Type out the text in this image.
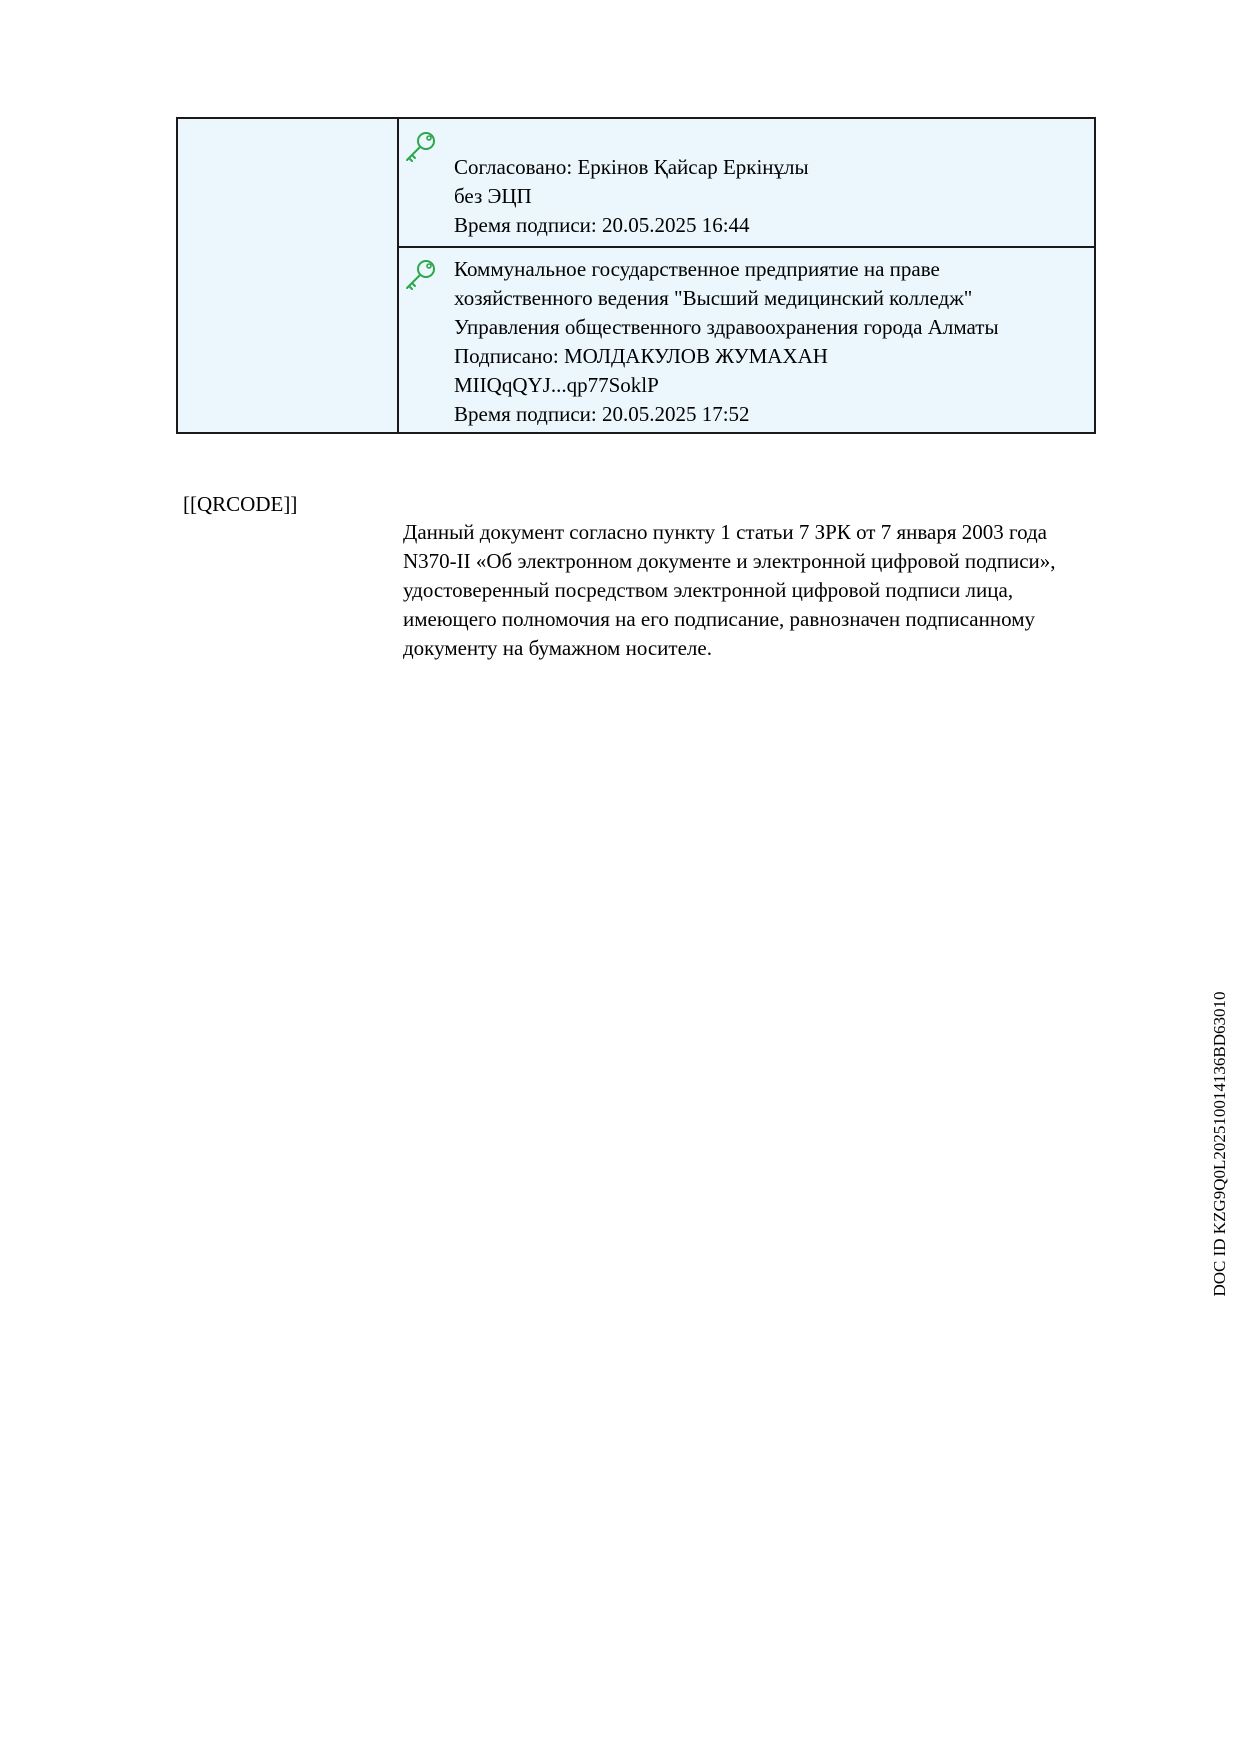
Согласовано: Еркінов Қайсар Еркінұлы
без ЭЦП
Время подписи: 20.05.2025 16:44

Коммунальное государственное предприятие на праве
хозяйственного ведения "Высший медицинский колледж"
Управления общественного здравоохранения города Алматы
Подписано: МОЛДАКУЛОВ ЖУМАХАН
MIIQqQYJ...qp77SoklP
Время подписи: 20.05.2025 17:52
[[QRCODE]]
Данный документ согласно пункту 1 статьи 7 ЗРК от 7 января 2003 года
N370-II «Об электронном документе и электронной цифровой подписи»,
удостоверенный посредством электронной цифровой подписи лица,
имеющего полномочия на его подписание, равнозначен подписанному
документу на бумажном носителе.
DOC ID KZG9Q0L202510014136BD63010
